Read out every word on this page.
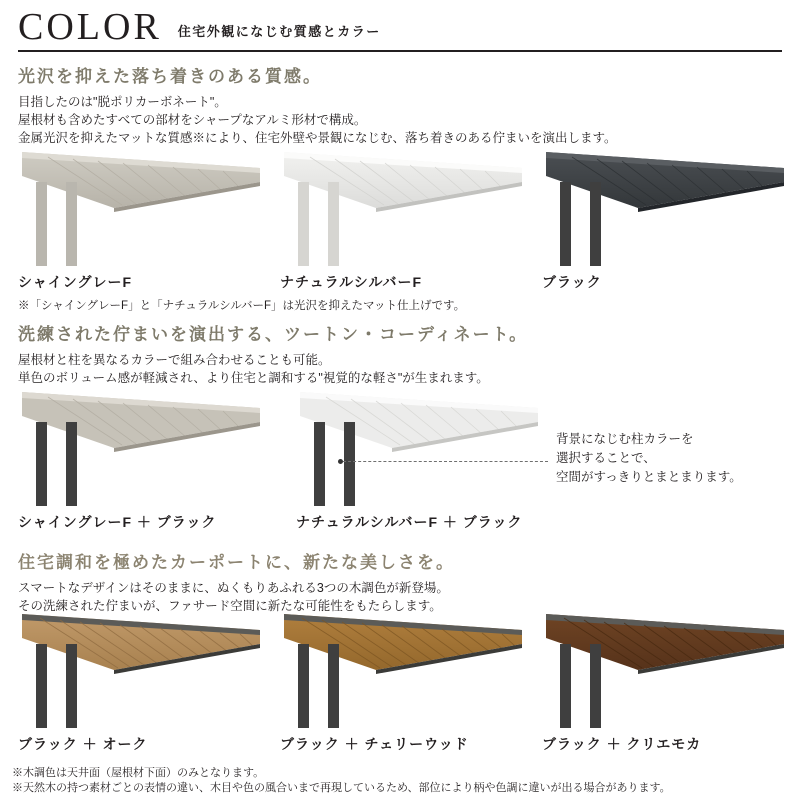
COLOR 住宅外観になじむ質感とカラー
光沢を抑えた落ち着きのある質感。
目指したのは"脱ポリカーボネート"。
屋根材も含めたすべての部材をシャープなアルミ形材で構成。
金属光沢を抑えたマットな質感※により、住宅外壁や景観になじむ、落ち着きのある佇まいを演出します。
シャイングレーF	ナチュラルシルバーF	ブラック
※「シャイングレーF」と「ナチュラルシルバーF」は光沢を抑えたマット仕上げです。
洗練された佇まいを演出する、ツートン・コーディネート。
屋根材と柱を異なるカラーで組み合わせることも可能。
単色のボリューム感が軽減され、より住宅と調和する"視覚的な軽さ"が生まれます。
シャイングレーF ＋ ブラック	ナチュラルシルバーF ＋ ブラック
背景になじむ柱カラーを
選択することで、
空間がすっきりとまとまります。
住宅調和を極めたカーポートに、新たな美しさを。
スマートなデザインはそのままに、ぬくもりあふれる3つの木調色が新登場。
その洗練された佇まいが、ファサード空間に新たな可能性をもたらします。
ブラック ＋ オーク	ブラック ＋ チェリーウッド	ブラック ＋ クリエモカ
※木調色は天井面（屋根材下面）のみとなります。
※天然木の持つ素材ごとの表情の違い、木目や色の風合いまで再現しているため、部位により柄や色調に違いが出る場合があります。
